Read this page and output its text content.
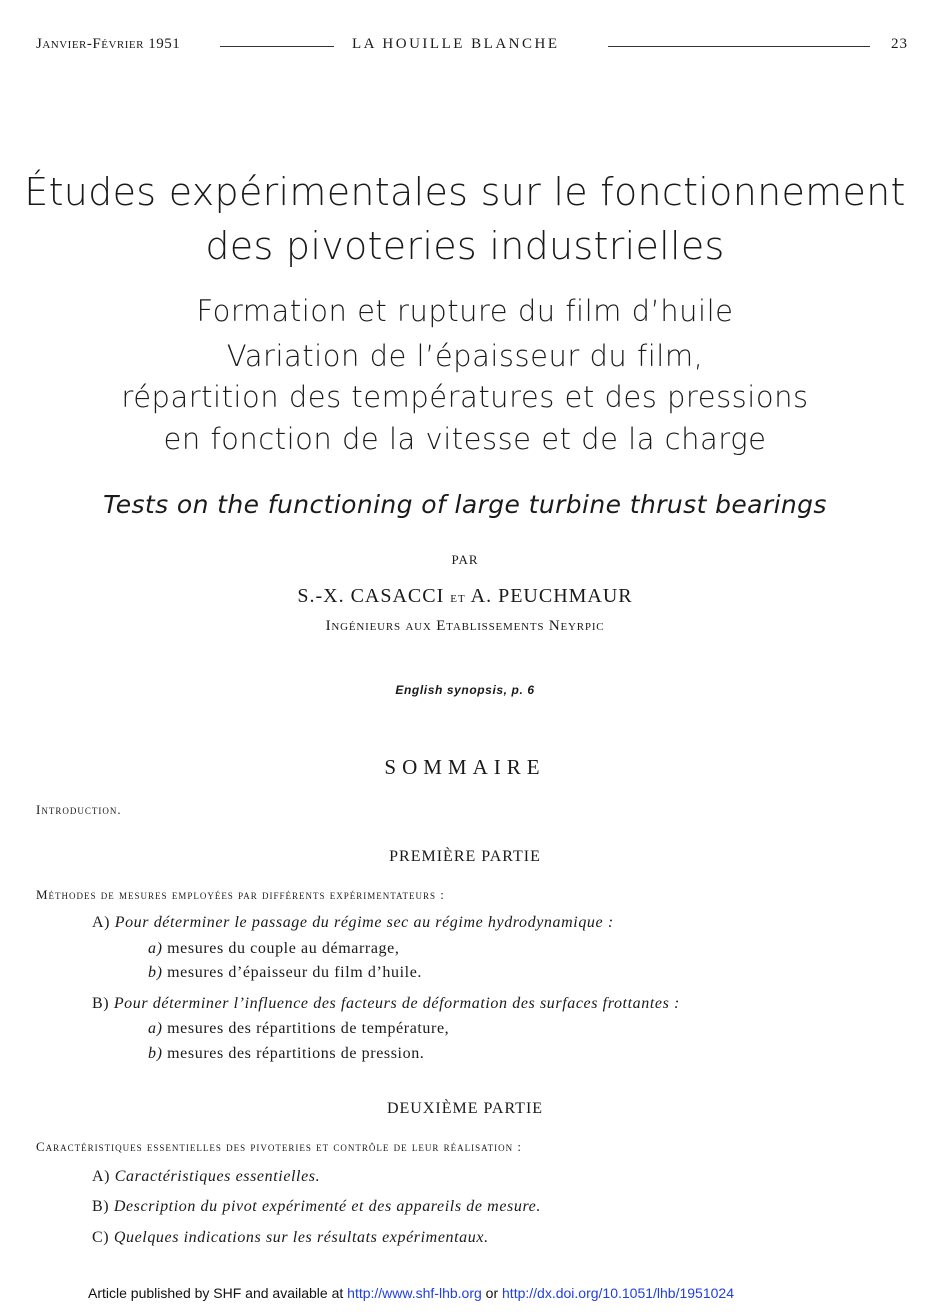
Janvier-Février 1951	LA HOUILLE BLANCHE	23
Études expérimentales sur le fonctionnement
des pivoteries industrielles
Formation et rupture du film d’huile
Variation de l’épaisseur du film,
répartition des températures et des pressions
en fonction de la vitesse et de la charge
Tests on the functioning of large turbine thrust bearings
PAR
S.-X. CASACCI et A. PEUCHMAUR
Ingénieurs aux Etablissements Neyrpic
English synopsis, p. 6
SOMMAIRE
Introduction.
PREMIÈRE PARTIE
Méthodes de mesures employées par différents expérimentateurs :
A) Pour déterminer le passage du régime sec au régime hydrodynamique :
a) mesures du couple au démarrage,
b) mesures d’épaisseur du film d’huile.
B) Pour déterminer l’influence des facteurs de déformation des surfaces frottantes :
a) mesures des répartitions de température,
b) mesures des répartitions de pression.
DEUXIÈME PARTIE
Caractéristiques essentielles des pivoteries et contrôle de leur réalisation :
A) Caractéristiques essentielles.
B) Description du pivot expérimenté et des appareils de mesure.
C) Quelques indications sur les résultats expérimentaux.
Article published by SHF and available at http://www.shf-lhb.org or http://dx.doi.org/10.1051/lhb/1951024
